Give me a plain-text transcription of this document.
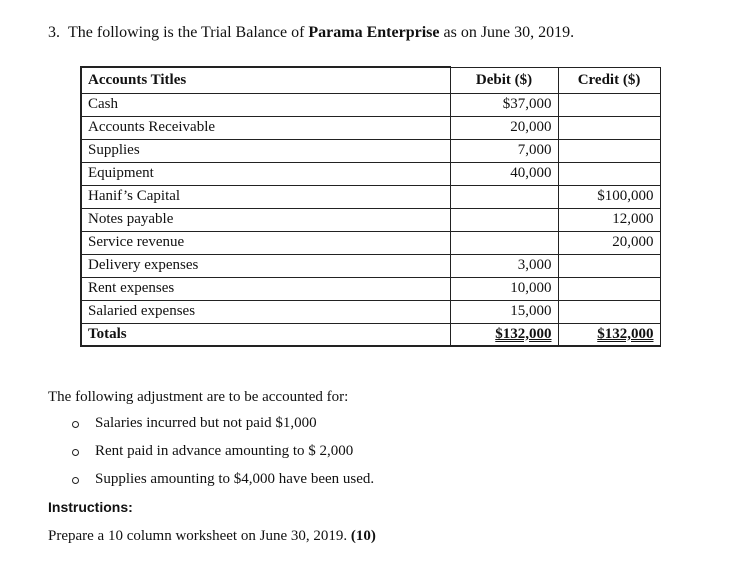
3. The following is the Trial Balance of Parama Enterprise as on June 30, 2019.
Accounts Titles	Debit ($)	Credit ($)
Cash	$37,000	
Accounts Receivable	20,000	
Supplies	7,000	
Equipment	40,000	
Hanif’s Capital		$100,000
Notes payable		12,000
Service revenue		20,000
Delivery expenses	3,000	
Rent expenses	10,000	
Salaried expenses	15,000	
Totals	$132,000	$132,000
The following adjustment are to be accounted for:
Salaries incurred but not paid $1,000
Rent paid in advance amounting to $ 2,000
Supplies amounting to $4,000 have been used.
Instructions:
Prepare a 10 column worksheet on June 30, 2019. (10)
